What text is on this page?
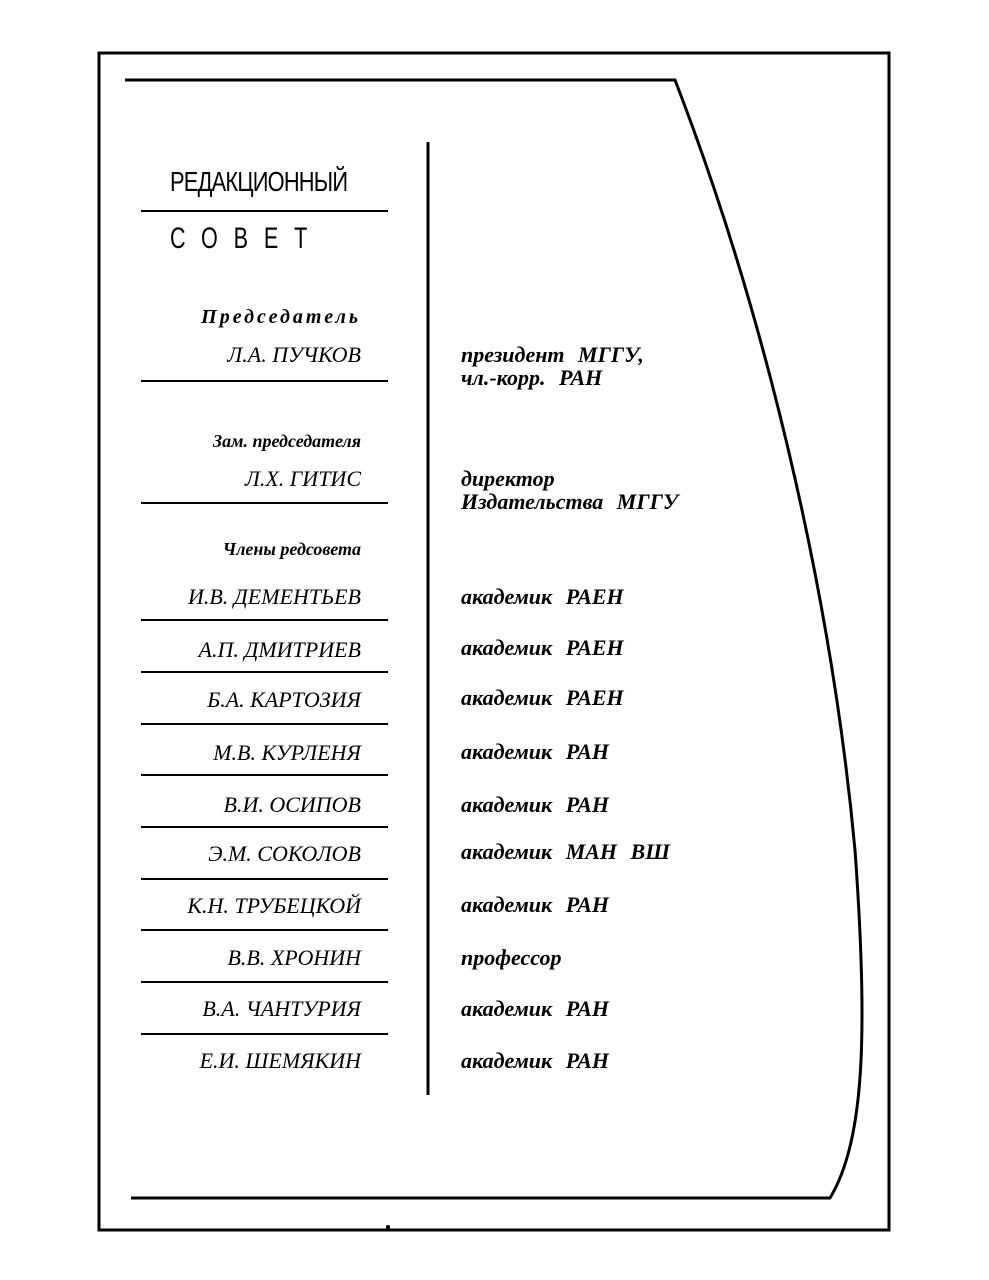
РЕДАКЦИОННЫЙ
СОВЕТ
Председатель
Л.А. ПУЧКОВ	президент МГГУ,
чл.-корр. РАН
Зам. председателя
Л.Х. ГИТИС	директор
Издательства МГГУ
Члены редсовета
И.В. ДЕМЕНТЬЕВ	академик РАЕН
А.П. ДМИТРИЕВ	академик РАЕН
Б.А. КАРТОЗИЯ	академик РАЕН
М.В. КУРЛЕНЯ	академик РАН
В.И. ОСИПОВ	академик РАН
Э.М. СОКОЛОВ	академик МАН ВШ
К.Н. ТРУБЕЦКОЙ	академик РАН
В.В. ХРОНИН	профессор
В.А. ЧАНТУРИЯ	академик РАН
Е.И. ШЕМЯКИН	академик РАН
